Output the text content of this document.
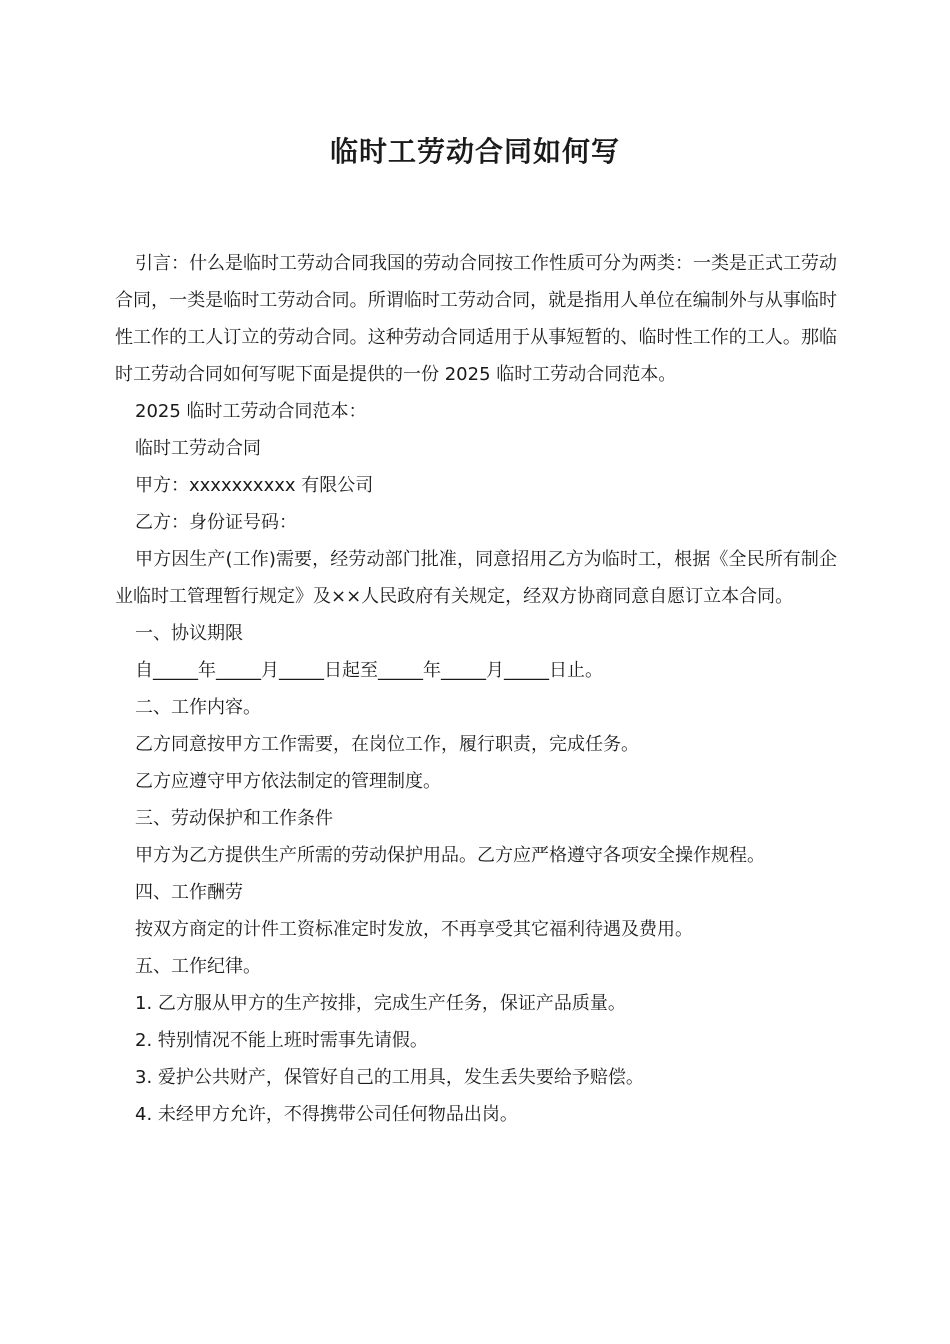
临时工劳动合同如何写

引言：什么是临时工劳动合同我国的劳动合同按工作性质可分为两类：一类是正式工劳动合同，一类是临时工劳动合同。所谓临时工劳动合同，就是指用人单位在编制外与从事临时性工作的工人订立的劳动合同。这种劳动合同适用于从事短暂的、临时性工作的工人。那临时工劳动合同如何写呢下面是提供的一份 2025 临时工劳动合同范本。

2025 临时工劳动合同范本：

临时工劳动合同

甲方：xxxxxxxxxx 有限公司

乙方：身份证号码：

甲方因生产(工作)需要，经劳动部门批准，同意招用乙方为临时工，根据《全民所有制企业临时工管理暂行规定》及××人民政府有关规定，经双方协商同意自愿订立本合同。

一、协议期限

自_____年_____月_____日起至_____年_____月_____日止。

二、工作内容。

乙方同意按甲方工作需要，在岗位工作，履行职责，完成任务。

乙方应遵守甲方依法制定的管理制度。

三、劳动保护和工作条件

甲方为乙方提供生产所需的劳动保护用品。乙方应严格遵守各项安全操作规程。

四、工作酬劳

按双方商定的计件工资标准定时发放，不再享受其它福利待遇及费用。

五、工作纪律。

1. 乙方服从甲方的生产按排，完成生产任务，保证产品质量。

2. 特别情况不能上班时需事先请假。

3. 爱护公共财产，保管好自己的工用具，发生丢失要给予赔偿。

4. 未经甲方允许，不得携带公司任何物品出岗。
